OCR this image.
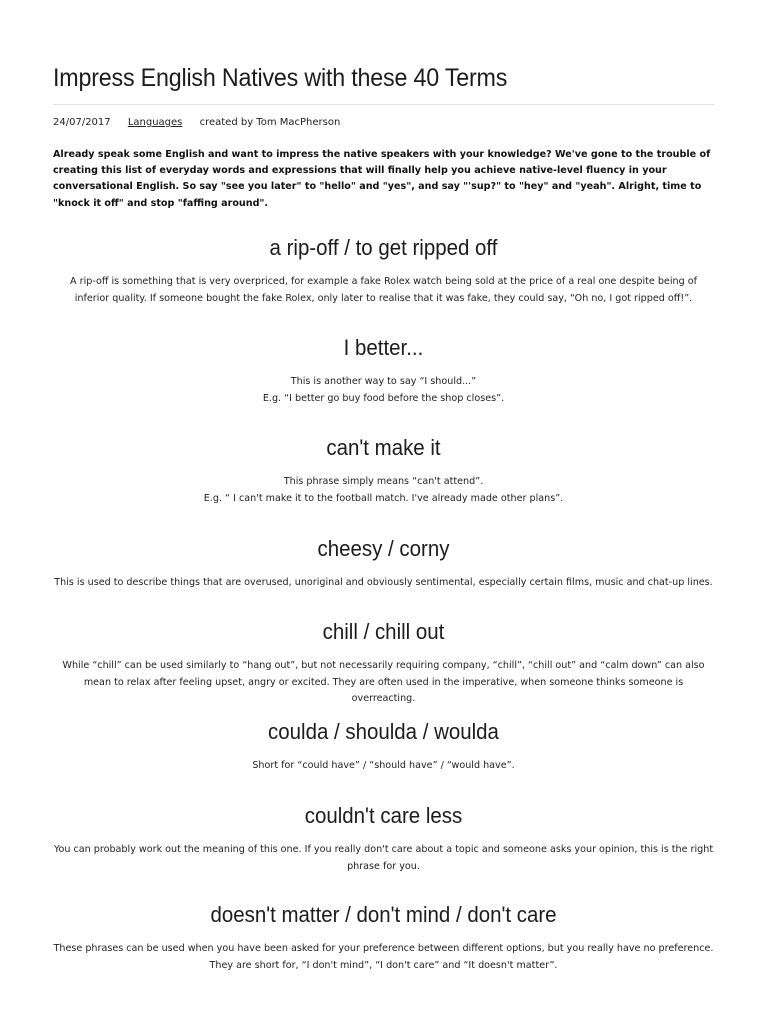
Impress English Natives with these 40 Terms
24/07/2017 Languages created by Tom MacPherson

Already speak some English and want to impress the native speakers with your knowledge? We've gone to the trouble of creating this list of everyday words and expressions that will finally help you achieve native-level fluency in your conversational English. So say "see you later" to "hello" and "yes", and say "'sup?" to "hey" and "yeah". Alright, time to "knock it off" and stop "faffing around".

a rip-off / to get ripped off

A rip-off is something that is very overpriced, for example a fake Rolex watch being sold at the price of a real one despite being of inferior quality. If someone bought the fake Rolex, only later to realise that it was fake, they could say, “Oh no, I got ripped off!”.

I better...

This is another way to say “I should...”

E.g. “I better go buy food before the shop closes”.

can't make it

This phrase simply means “can't attend”.

E.g. “ I can't make it to the football match. I've already made other plans”.

cheesy / corny

This is used to describe things that are overused, unoriginal and obviously sentimental, especially certain films, music and chat-up lines.

chill / chill out

While “chill” can be used similarly to “hang out”, but not necessarily requiring company, “chill”, “chill out” and “calm down” can also mean to relax after feeling upset, angry or excited. They are often used in the imperative, when someone thinks someone is overreacting.

coulda / shoulda / woulda

Short for “could have” / “should have” / “would have”.

couldn't care less

You can probably work out the meaning of this one. If you really don't care about a topic and someone asks your opinion, this is the right phrase for you.

doesn't matter / don't mind / don't care

These phrases can be used when you have been asked for your preference between different options, but you really have no preference. They are short for, “I don't mind”, “I don't care” and “It doesn't matter”.
